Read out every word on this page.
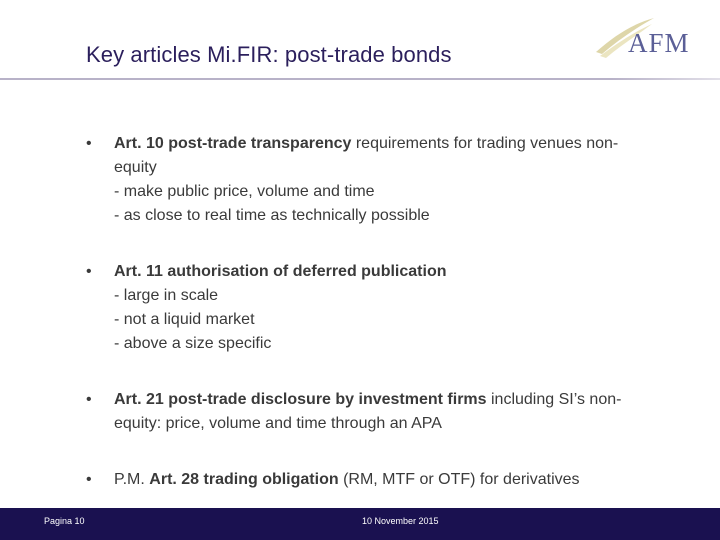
Key articles Mi.FIR: post-trade bonds	AFM
• Art. 10 post-trade transparency requirements for trading venues non-
equity
- make public price, volume and time
- as close to real time as technically possible
• Art. 11 authorisation of deferred publication
- large in scale
- not a liquid market
- above a size specific
• Art. 21 post-trade disclosure by investment firms including SI’s non-
equity: price, volume and time through an APA
• P.M. Art. 28 trading obligation (RM, MTF or OTF) for derivatives
Pagina 10	10 November 2015
